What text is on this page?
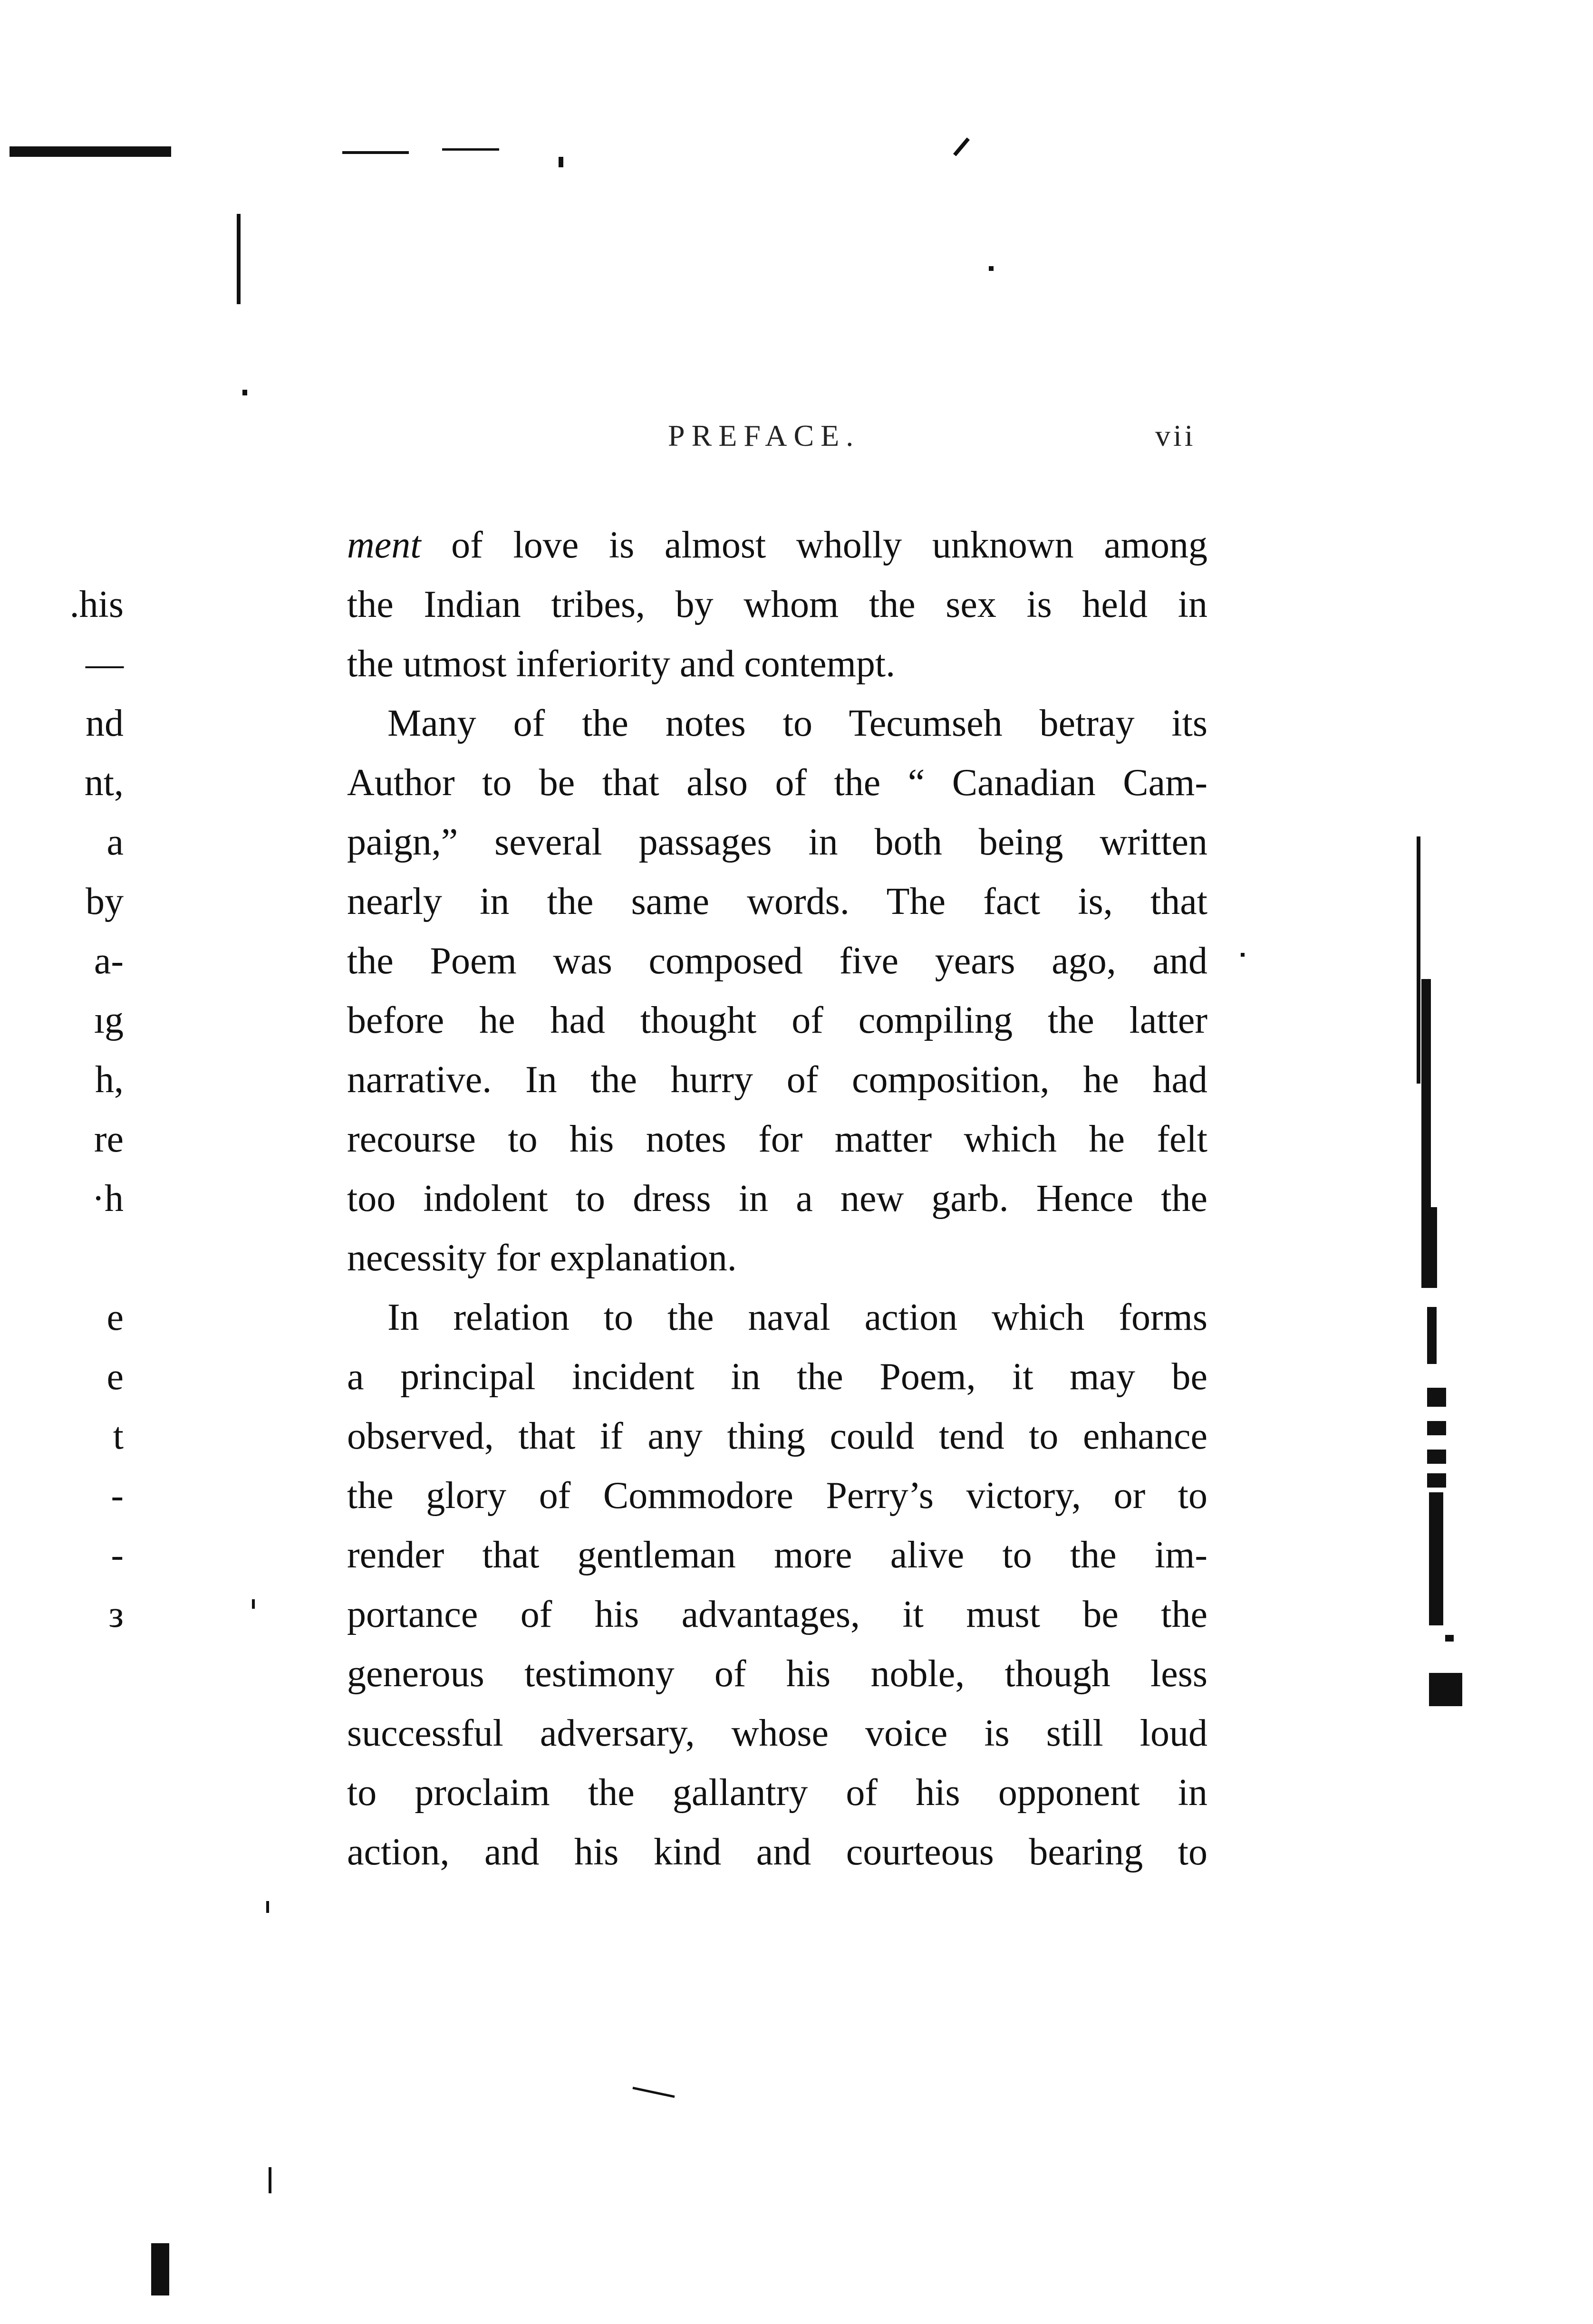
PREFACE.	vii
ment of love is almost wholly unknown among
the Indian tribes, by whom the sex is held in
the utmost inferiority and contempt.
Many of the notes to Tecumseh betray its
Author to be that also of the “ Canadian Cam-
paign,” several passages in both being written
nearly in the same words. The fact is, that
the Poem was composed five years ago, and
before he had thought of compiling the latter
narrative. In the hurry of composition, he had
recourse to his notes for matter which he felt
too indolent to dress in a new garb. Hence the
necessity for explanation.
In relation to the naval action which forms
a principal incident in the Poem, it may be
observed, that if any thing could tend to enhance
the glory of Commodore Perry’s victory, or to
render that gentleman more alive to the im-
portance of his advantages, it must be the
generous testimony of his noble, though less
successful adversary, whose voice is still loud
to proclaim the gallantry of his opponent in
action, and his kind and courteous bearing to
.his
—
nd
nt,
a
by
a-
ıg
h,
re
·h
e
e
t
-
-
з
